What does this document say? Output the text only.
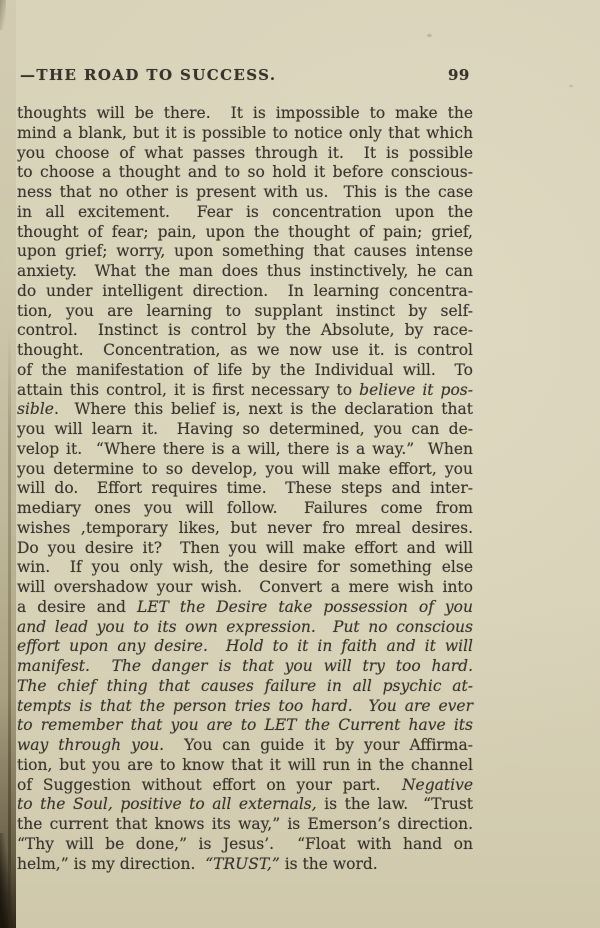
—THE ROAD TO SUCCESS.	99
thoughts will be there.  It is impossible to make the
mind a blank, but it is possible to notice only that which
you choose of what passes through it.  It is possible
to choose a thought and to so hold it before conscious-
ness that no other is present with us.  This is the case
in all excitement.  Fear is concentration upon the
thought of fear; pain, upon the thought of pain; grief,
upon grief; worry, upon something that causes intense
anxiety.  What the man does thus instinctively, he can
do under intelligent direction.  In learning concentra-
tion, you are learning to supplant instinct by self-
control.  Instinct is control by the Absolute, by race-
thought.  Concentration, as we now use it. is control
of the manifestation of life by the Individual will.  To
attain this control, it is first necessary to believe it pos-
sible.  Where this belief is, next is the declaration that
you will learn it.  Having so determined, you can de-
velop it.  “Where there is a will, there is a way.”  When
you determine to so develop, you will make effort, you
will do.  Effort requires time.  These steps and inter-
mediary ones you will follow.  Failures come from
wishes ,temporary likes, but never fro mreal desires.
Do you desire it?  Then you will make effort and will
win.  If you only wish, the desire for something else
will overshadow your wish.  Convert a mere wish into
a desire and LET the Desire take possession of you
and lead you to its own expression.  Put no conscious
effort upon any desire.  Hold to it in faith and it will
manifest.  The danger is that you will try too hard.
The chief thing that causes failure in all psychic at-
tempts is that the person tries too hard.  You are ever
to remember that you are to LET the Current have its
way through you.  You can guide it by your Affirma-
tion, but you are to know that it will run in the channel
of Suggestion without effort on your part.  Negative
to the Soul, positive to all externals, is the law.  “Trust
the current that knows its way,” is Emerson’s direction.
“Thy will be done,” is Jesus’.  “Float with hand on
helm,” is my direction.  “TRUST,” is the word.
